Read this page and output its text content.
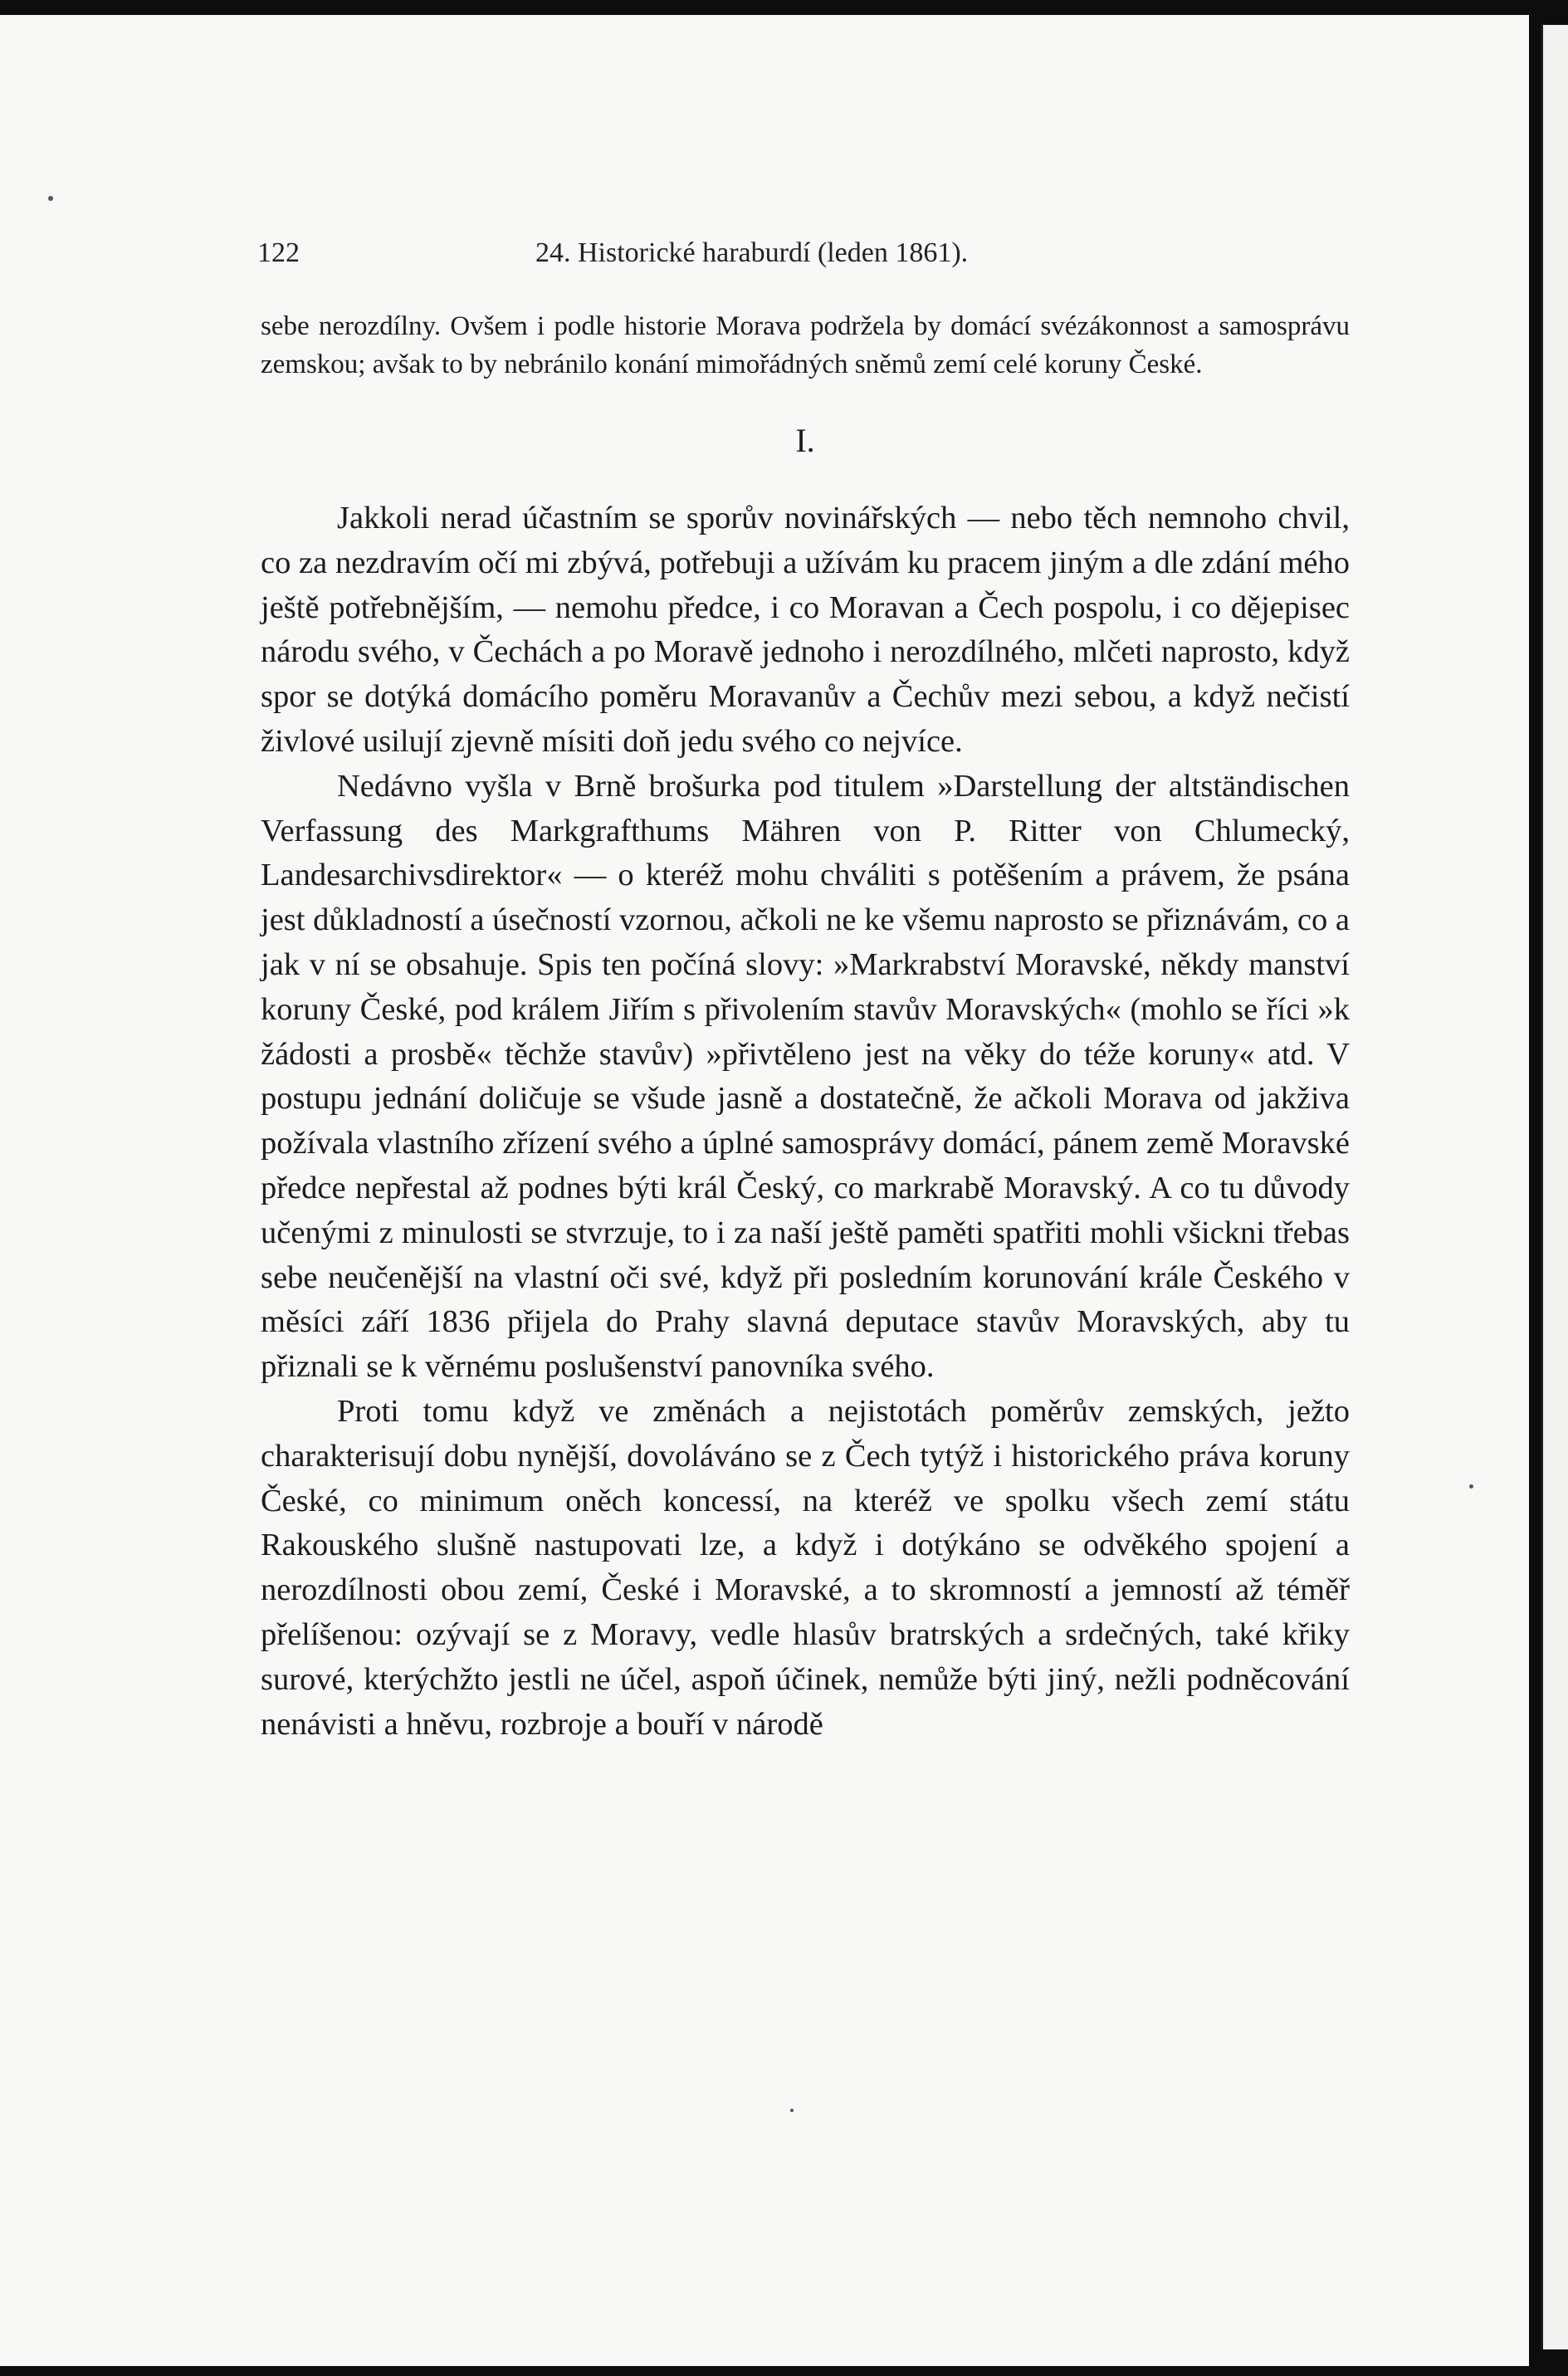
122	24. Historické haraburdí (leden 1861).

sebe nerozdílny. Ovšem i podle historie Morava podržela by domácí svézákonnost a samosprávu zemskou; avšak to by nebránilo konání mimořádných sněmů zemí celé koruny České.

I.

Jakkoli nerad účastním se sporův novinářských — nebo těch nemnoho chvil, co za nezdravím očí mi zbývá, potřebuji a užívám ku pracem jiným a dle zdání mého ještě potřebnějším, — nemohu předce, i co Moravan a Čech pospolu, i co dějepisec národu svého, v Čechách a po Moravě jednoho i nerozdílného, mlčeti naprosto, když spor se dotýká domácího poměru Moravanův a Čechův mezi sebou, a když nečistí živlové usilují zjevně mísiti doň jedu svého co nejvíce.

Nedávno vyšla v Brně brošurka pod titulem »Darstellung der altständischen Verfassung des Markgrafthums Mähren von P. Ritter von Chlumecký, Landesarchivsdirektor« — o kteréž mohu chváliti s potěšením a právem, že psána jest důkladností a úsečností vzornou, ačkoli ne ke všemu naprosto se přiznávám, co a jak v ní se obsahuje. Spis ten počíná slovy: »Markrabství Moravské, někdy manství koruny České, pod králem Jiřím s přivolením stavův Moravských« (mohlo se říci »k žádosti a prosbě« těchže stavův) »přivtěleno jest na věky do téže koruny« atd. V postupu jednání doličuje se všude jasně a dostatečně, že ačkoli Morava od jakživa požívala vlastního zřízení svého a úplné samosprávy domácí, pánem země Moravské předce nepřestal až podnes býti král Český, co markrabě Moravský. A co tu důvody učenými z minulosti se stvrzuje, to i za naší ještě paměti spatřiti mohli všickni třebas sebe neučenější na vlastní oči své, když při posledním korunování krále Českého v měsíci září 1836 přijela do Prahy slavná deputace stavův Moravských, aby tu přiznali se k věrnému poslušenství panovníka svého.

Proti tomu když ve změnách a nejistotách poměrův zemských, ježto charakterisují dobu nynější, dovoláváno se z Čech tytýž i historického práva koruny České, co minimum oněch koncessí, na kteréž ve spolku všech zemí státu Rakouského slušně nastupovati lze, a když i dotýkáno se odvěkého spojení a nerozdílnosti obou zemí, České i Moravské, a to skromností a jemností až téměř přelíšenou: ozývají se z Moravy, vedle hlasův bratrských a srdečných, také křiky surové, kterýchžto jestli ne účel, aspoň účinek, nemůže býti jiný, nežli podněcování nenávisti a hněvu, rozbroje a bouří v národě
